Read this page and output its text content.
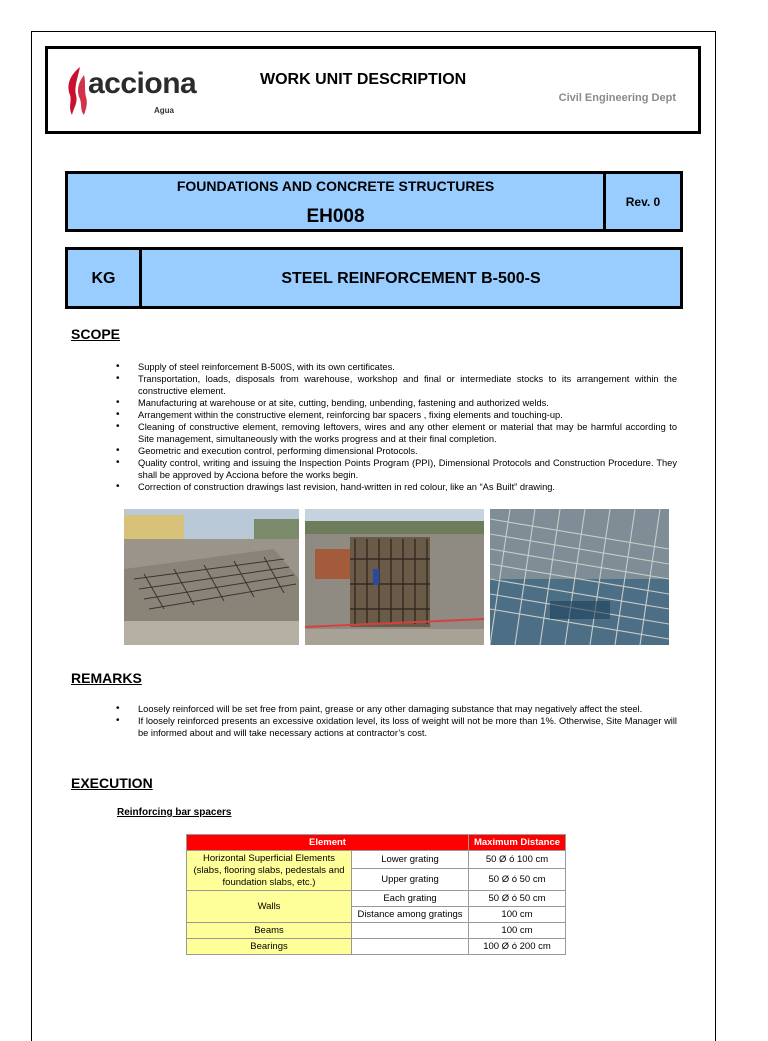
acciona
Agua
WORK UNIT DESCRIPTION
Civil Engineering Dept
FOUNDATIONS AND CONCRETE STRUCTURES
EH008
Rev. 0
KG	STEEL REINFORCEMENT B-500-S
SCOPE
• Supply of steel reinforcement B-500S, with its own certificates.
• Transportation, loads, disposals from warehouse, workshop and final or intermediate stocks to its arrangement within the constructive element.
• Manufacturing at warehouse or at site, cutting, bending, unbending, fastening and authorized welds.
• Arrangement within the constructive element, reinforcing bar spacers , fixing elements and touching-up.
• Cleaning of constructive element, removing leftovers, wires and any other element or material that may be harmful according to Site management, simultaneously with the works progress and at their final completion.
• Geometric and execution control, performing dimensional Protocols.
• Quality control, writing and issuing the Inspection Points Program (PPI), Dimensional Protocols and Construction Procedure. They shall be approved by Acciona before the works begin.
• Correction of construction drawings last revision, hand-written in red colour, like an “As Built” drawing.
REMARKS
• Loosely reinforced will be set free from paint, grease or any other damaging substance that may negatively affect the steel.
• If loosely reinforced presents an excessive oxidation level, its loss of weight will not be more than 1%. Otherwise, Site Manager will be informed about and will take necessary actions at contractor’s cost.
EXECUTION
Reinforcing bar spacers
Element		Maximum Distance
Horizontal Superficial Elements (slabs, flooring slabs, pedestals and foundation slabs, etc.)	Lower grating	50 Ø ó 100 cm
	Upper grating	50 Ø ó 50 cm
Walls	Each grating	50 Ø ó 50 cm
	Distance among gratings	100 cm
Beams		100 cm
Bearings		100 Ø ó 200 cm
